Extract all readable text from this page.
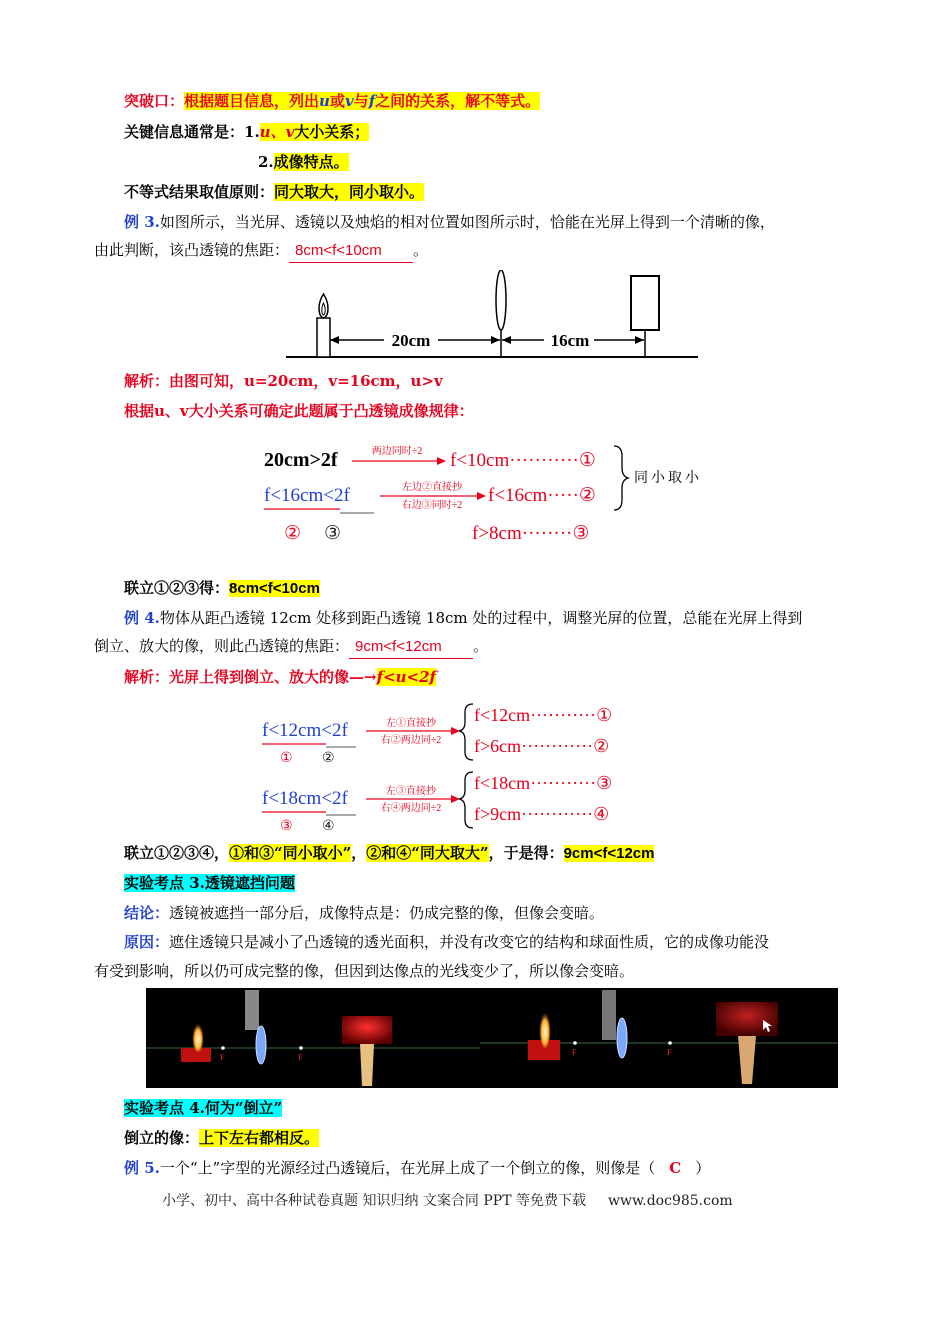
突破口：根据题目信息，列出u或v与f之间的关系，解不等式。
关键信息通常是：1.u、v大小关系；
2.成像特点。
不等式结果取值原则：同大取大，同小取小。
例 3.如图所示，当光屏、透镜以及烛焰的相对位置如图所示时，恰能在光屏上得到一个清晰的像，
由此判断，该凸透镜的焦距： 8cm<f<10cm 。
20cm	16cm
解析：由图可知，u=20cm，v=16cm，u>v
根据u、v大小关系可确定此题属于凸透镜成像规律：
20cm>2f	两边同时÷2 f<10cm···········①
f<16cm<2f	左边②直接抄
右边③同时÷2 f<16cm·····②
② ③	f>8cm········③
同小取小
联立①②③得：8cm<f<10cm
例 4.物体从距凸透镜 12cm 处移到距凸透镜 18cm 处的过程中，调整光屏的位置，总能在光屏上得到
倒立、放大的像，则此凸透镜的焦距： 9cm<f<12cm 。
解析：光屏上得到倒立、放大的像—→f<u<2f
f<12cm<2f
① ②
左①直接抄
右②两边同÷2
f<12cm···········①
f>6cm············②
f<18cm<2f
③ ④
左③直接抄
右④两边同÷2
f<18cm···········③
f>9cm············④
联立①②③④，①和③“同小取小”，②和④“同大取大”，于是得：9cm<f<12cm
实验考点 3.透镜遮挡问题
结论：透镜被遮挡一部分后，成像特点是：仍成完整的像，但像会变暗。
原因：遮住透镜只是减小了凸透镜的透光面积，并没有改变它的结构和球面性质，它的成像功能没
有受到影响，所以仍可成完整的像，但因到达像点的光线变少了，所以像会变暗。
F	F
F	F
实验考点 4.何为“倒立”
倒立的像：上下左右都相反。
例 5.一个“上”字型的光源经过凸透镜后，在光屏上成了一个倒立的像，则像是（ C ）
小学、初中、高中各种试卷真题 知识归纳 文案合同 PPT 等免费下载 www.doc985.com
